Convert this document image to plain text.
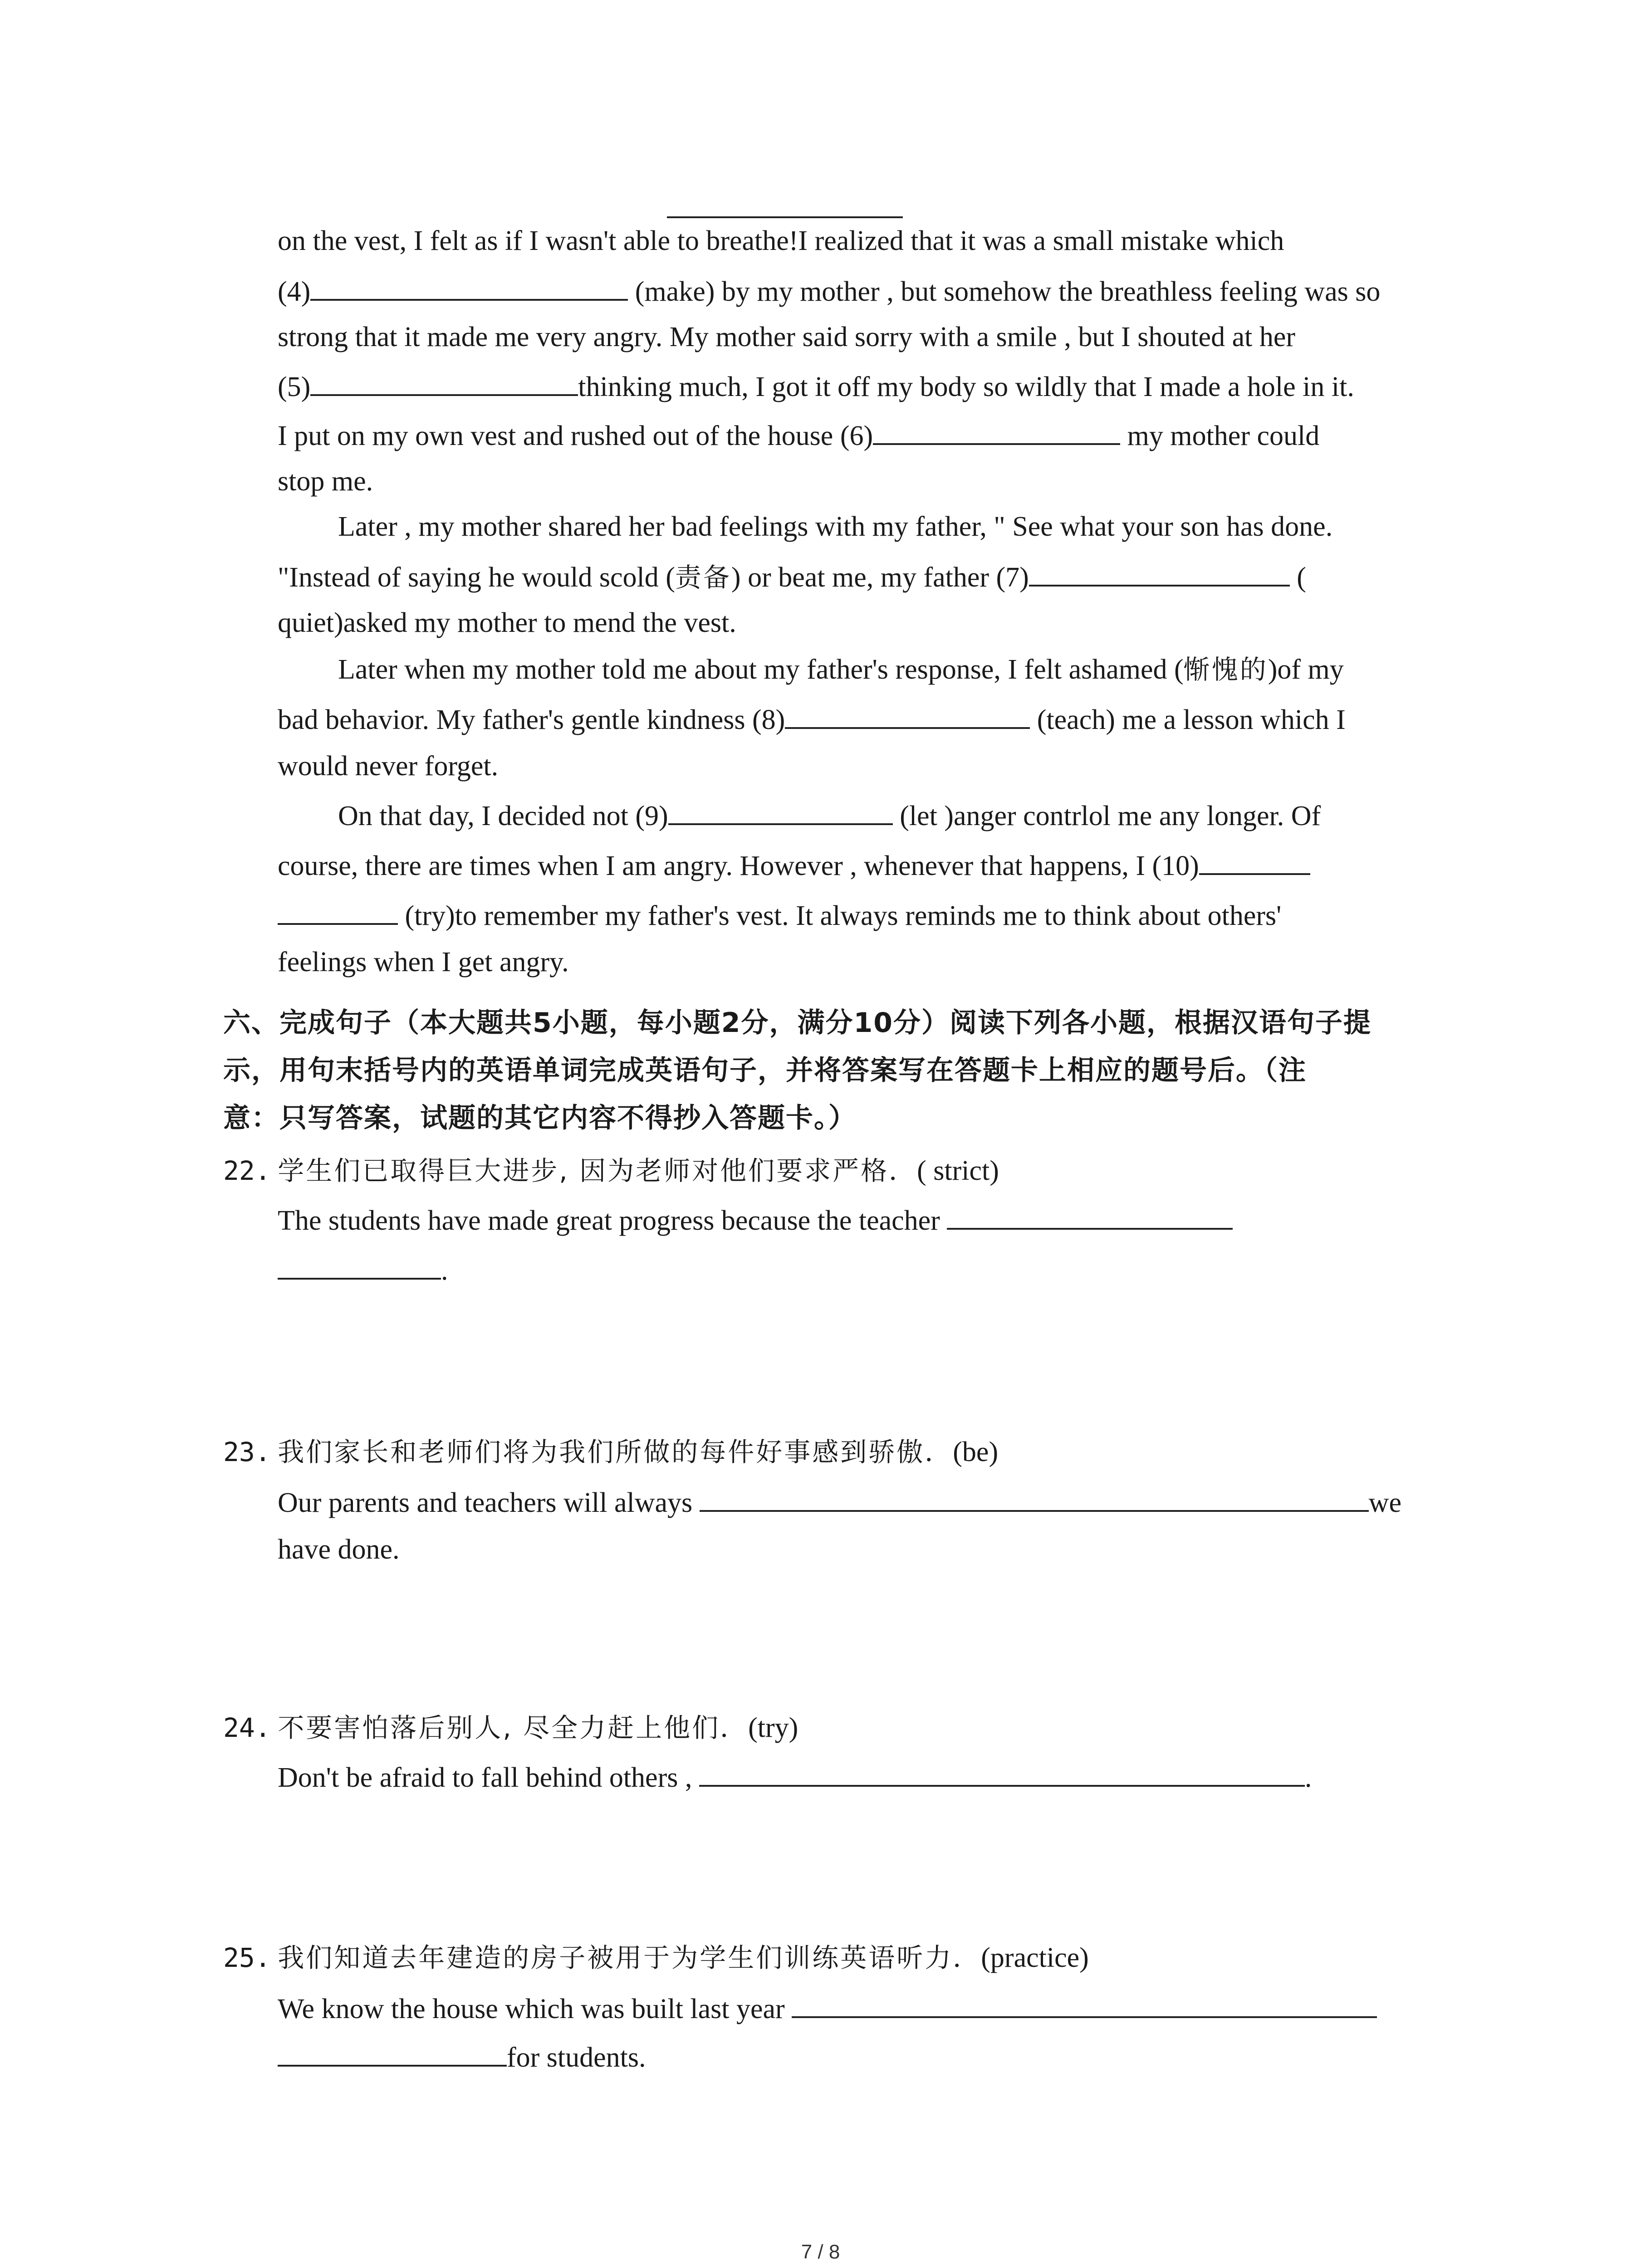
on the vest, I felt as if I wasn't able to breathe!I realized that it was a small mistake which
(4)	(make) by my mother , but somehow the breathless feeling was so
strong that it made me very angry. My mother said sorry with a smile , but I shouted at her
(5)	thinking much, I got it off my body so wildly that I made a hole in it.
I put on my own vest and rushed out of the house (6)	my mother could
stop me.
Later , my mother shared her bad feelings with my father, " See what your son has done.
"Instead of saying he would scold (责备) or beat me, my father (7)	(
quiet)asked my mother to mend the vest.
Later when my mother told me about my father's response, I felt ashamed (惭愧的)of my
bad behavior. My father's gentle kindness (8)	(teach) me a lesson which I
would never forget.
On that day, I decided not (9)	(let )anger contrlol me any longer. Of
course, there are times when I am angry. However , whenever that happens, I (10)
(try)to remember my father's vest. It always reminds me to think about others'
feelings when I get angry.
六、完成句子（本大题共5小题，每小题2分，满分10分）阅读下列各小题，根据汉语句子提
示，用句末括号内的英语单词完成英语句子，并将答案写在答题卡上相应的题号后。（注
意：只写答案，试题的其它内容不得抄入答题卡。）
22. 学生们已取得巨大进步, 因为老师对他们要求严格．( strict)
The students have made great progress because the teacher
.
23. 我们家长和老师们将为我们所做的每件好事感到骄傲．(be)
Our parents and teachers will always	we
have done.
24. 不要害怕落后别人, 尽全力赶上他们．(try)
Don't be afraid to fall behind others ,	.
25. 我们知道去年建造的房子被用于为学生们训练英语听力．(practice)
We know the house which was built last year
for students.
7 / 8
